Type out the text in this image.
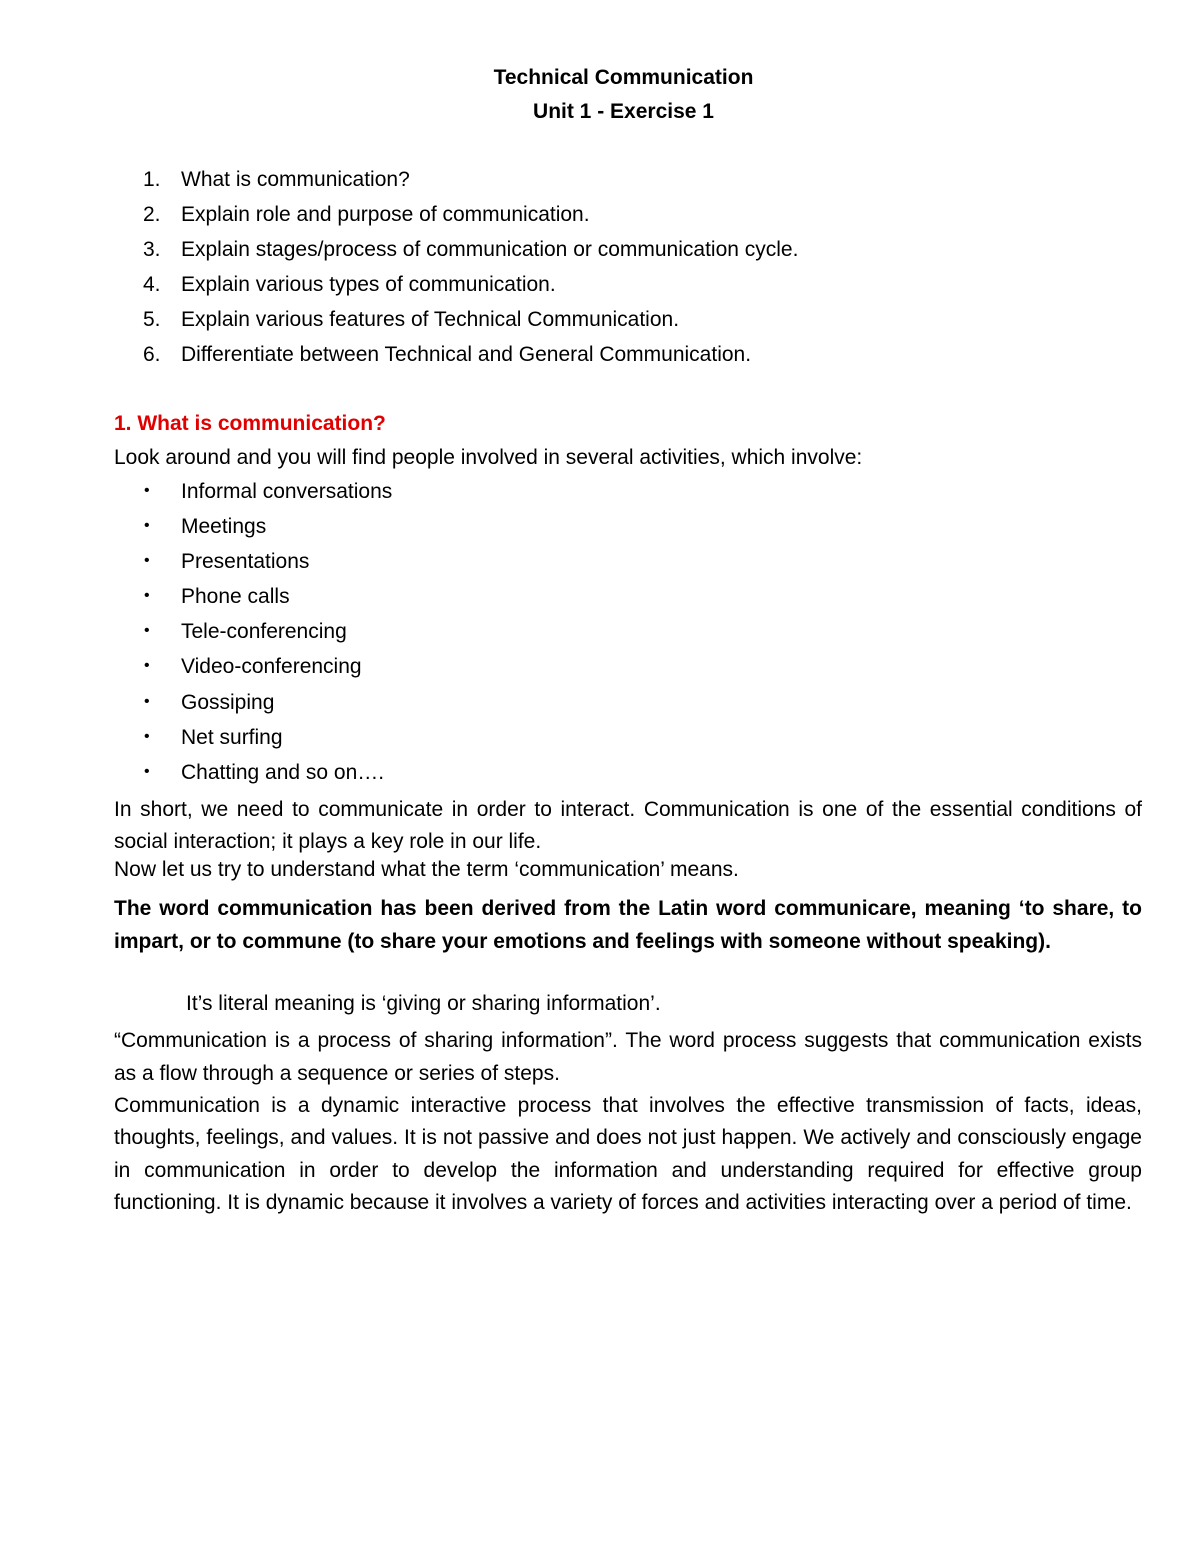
Technical Communication
Unit 1 - Exercise 1
1. What is communication?
2. Explain role and purpose of communication.
3. Explain stages/process of communication or communication cycle.
4. Explain various types of communication.
5. Explain various features of Technical Communication.
6. Differentiate between Technical and General Communication.
1. What is communication?

Look around and you will find people involved in several activities, which involve:

• Informal conversations
• Meetings
• Presentations
• Phone calls
• Tele-conferencing
• Video-conferencing
• Gossiping
• Net surfing
• Chatting and so on….

In short, we need to communicate in order to interact. Communication is one of the essential conditions of social interaction; it plays a key role in our life.

Now let us try to understand what the term ‘communication’ means.

The word communication has been derived from the Latin word communicare, meaning ‘to share, to impart, or to commune (to share your emotions and feelings with someone without speaking).

It’s literal meaning is ‘giving or sharing information’.

“Communication is a process of sharing information”. The word process suggests that communication exists as a flow through a sequence or series of steps.

Communication is a dynamic interactive process that involves the effective transmission of facts, ideas, thoughts, feelings, and values. It is not passive and does not just happen. We actively and consciously engage in communication in order to develop the information and understanding required for effective group functioning. It is dynamic because it involves a variety of forces and activities interacting over a period of time.
